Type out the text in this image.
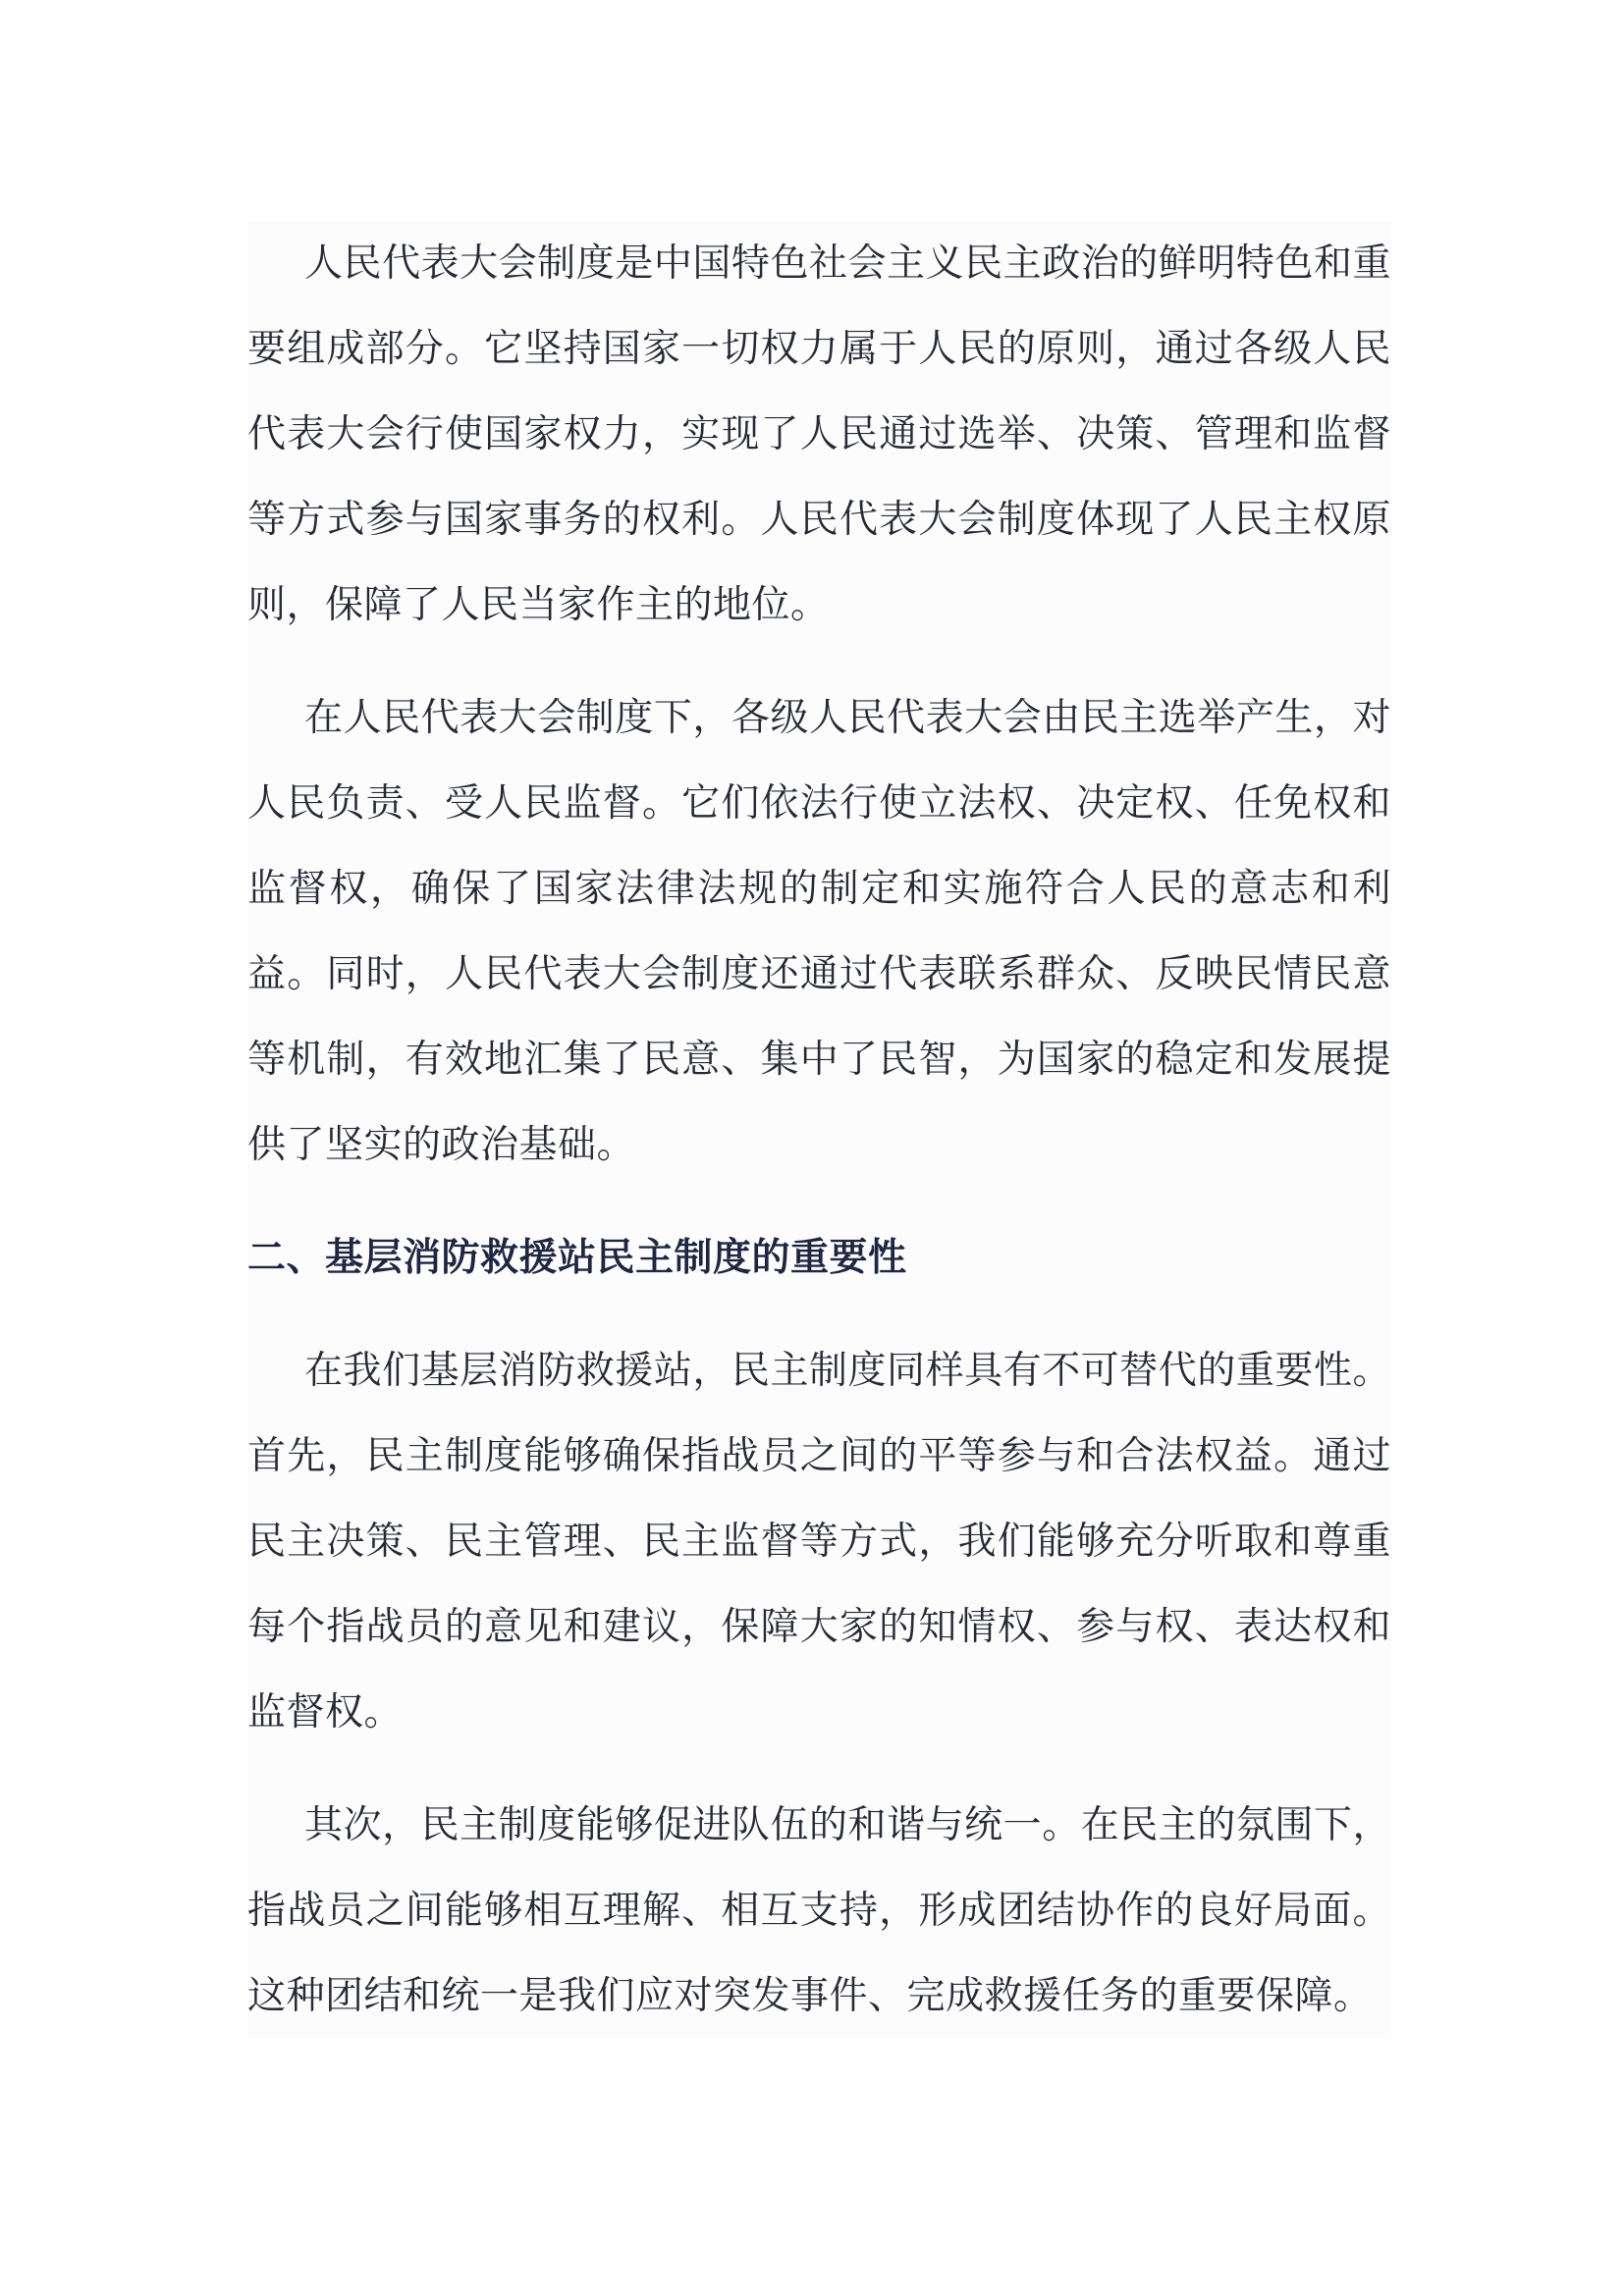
人民代表大会制度是中国特色社会主义民主政治的鲜明特色和重要组成部分。它坚持国家一切权力属于人民的原则，通过各级人民代表大会行使国家权力，实现了人民通过选举、决策、管理和监督等方式参与国家事务的权利。人民代表大会制度体现了人民主权原则，保障了人民当家作主的地位。

在人民代表大会制度下，各级人民代表大会由民主选举产生，对人民负责、受人民监督。它们依法行使立法权、决定权、任免权和监督权，确保了国家法律法规的制定和实施符合人民的意志和利益。同时，人民代表大会制度还通过代表联系群众、反映民情民意等机制，有效地汇集了民意、集中了民智，为国家的稳定和发展提供了坚实的政治基础。

二、基层消防救援站民主制度的重要性

在我们基层消防救援站，民主制度同样具有不可替代的重要性。首先，民主制度能够确保指战员之间的平等参与和合法权益。通过民主决策、民主管理、民主监督等方式，我们能够充分听取和尊重每个指战员的意见和建议，保障大家的知情权、参与权、表达权和监督权。

其次，民主制度能够促进队伍的和谐与统一。在民主的氛围下，指战员之间能够相互理解、相互支持，形成团结协作的良好局面。这种团结和统一是我们应对突发事件、完成救援任务的重要保障。
